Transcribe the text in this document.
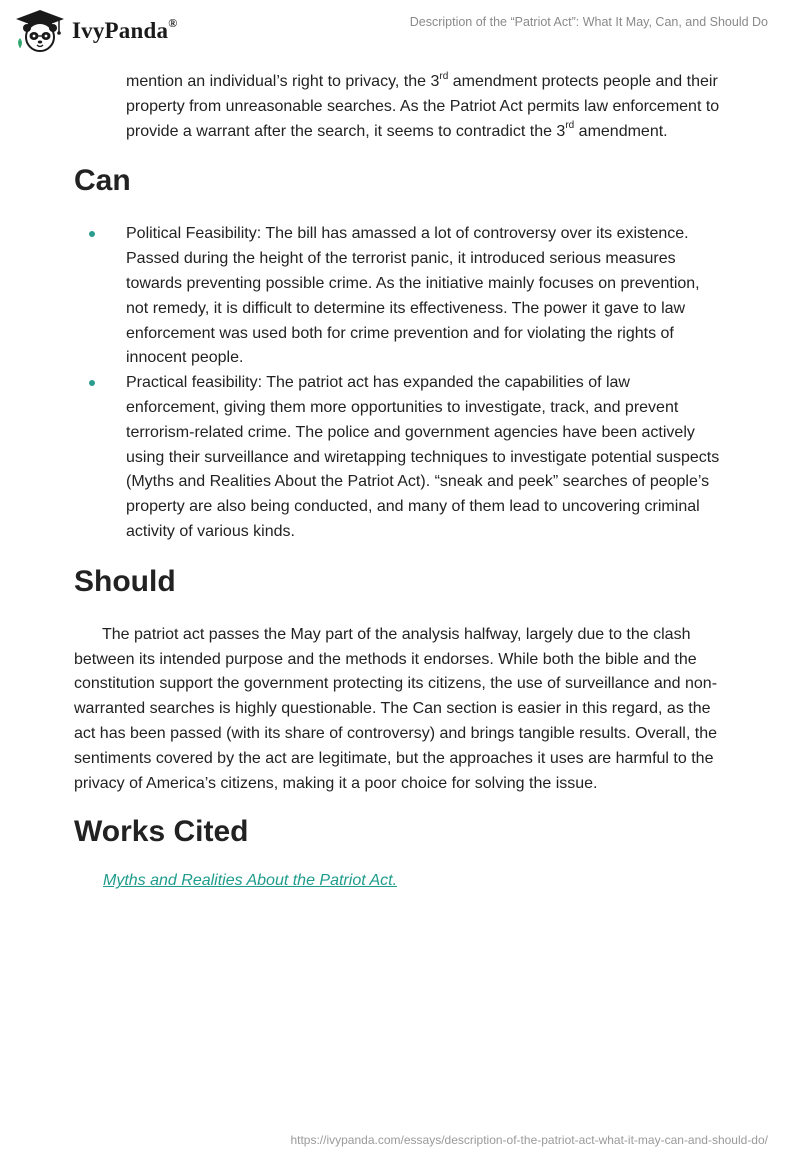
IvyPanda®	Description of the “Patriot Act”: What It May, Can, and Should Do

mention an individual’s right to privacy, the 3rd amendment protects people and their property from unreasonable searches. As the Patriot Act permits law enforcement to provide a warrant after the search, it seems to contradict the 3rd amendment.

Can
Political Feasibility: The bill has amassed a lot of controversy over its existence. Passed during the height of the terrorist panic, it introduced serious measures towards preventing possible crime. As the initiative mainly focuses on prevention, not remedy, it is difficult to determine its effectiveness. The power it gave to law enforcement was used both for crime prevention and for violating the rights of innocent people.
Practical feasibility: The patriot act has expanded the capabilities of law enforcement, giving them more opportunities to investigate, track, and prevent terrorism-related crime. The police and government agencies have been actively using their surveillance and wiretapping techniques to investigate potential suspects (Myths and Realities About the Patriot Act). “sneak and peek” searches of people’s property are also being conducted, and many of them lead to uncovering criminal activity of various kinds.
Should

The patriot act passes the May part of the analysis halfway, largely due to the clash between its intended purpose and the methods it endorses. While both the bible and the constitution support the government protecting its citizens, the use of surveillance and non-warranted searches is highly questionable. The Can section is easier in this regard, as the act has been passed (with its share of controversy) and brings tangible results. Overall, the sentiments covered by the act are legitimate, but the approaches it uses are harmful to the privacy of America’s citizens, making it a poor choice for solving the issue.

Works Cited
Myths and Realities About the Patriot Act.
https://ivypanda.com/essays/description-of-the-patriot-act-what-it-may-can-and-should-do/
